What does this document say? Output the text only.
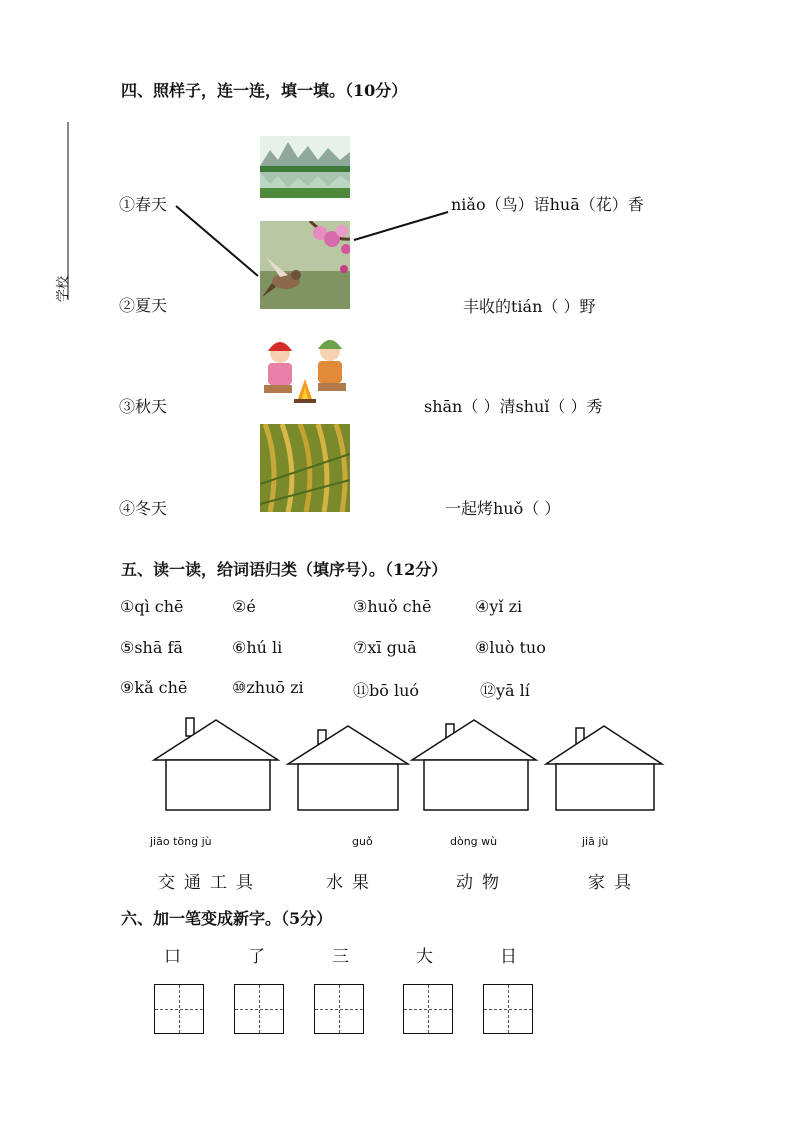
学校
四、照样子，连一连，填一填。（10分）
①春天
②夏天
③秋天
④冬天
niǎo（鸟）语huā（花）香
丰收的tián（ ）野
shān（ ）清shuǐ（ ）秀
一起烤huǒ（ ）
五、读一读，给词语归类（填序号）。（12分）
①qì chē	②é	③huǒ chē	④yǐ zi
⑤shā fā	⑥hú li	⑦xī guā	⑧luò tuo
⑨kǎ chē	⑩zhuō zi	⑪bō luó	⑫yā lí
jiāo tōng jù	guǒ	dòng wù	jiā jù
交通工具	水果	动物	家具
六、加一笔变成新字。（5分）
口	了	三	大	日
